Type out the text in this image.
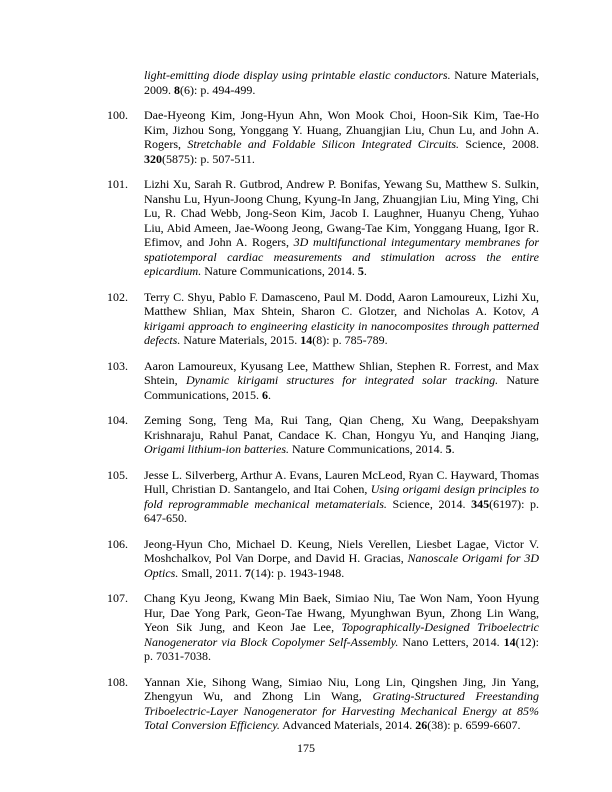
light-emitting diode display using printable elastic conductors. Nature Materials, 2009. 8(6): p. 494-499.

100. Dae-Hyeong Kim, Jong-Hyun Ahn, Won Mook Choi, Hoon-Sik Kim, Tae-Ho Kim, Jizhou Song, Yonggang Y. Huang, Zhuangjian Liu, Chun Lu, and John A. Rogers, Stretchable and Foldable Silicon Integrated Circuits. Science, 2008. 320(5875): p. 507-511.
101. Lizhi Xu, Sarah R. Gutbrod, Andrew P. Bonifas, Yewang Su, Matthew S. Sulkin, Nanshu Lu, Hyun-Joong Chung, Kyung-In Jang, Zhuangjian Liu, Ming Ying, Chi Lu, R. Chad Webb, Jong-Seon Kim, Jacob I. Laughner, Huanyu Cheng, Yuhao Liu, Abid Ameen, Jae-Woong Jeong, Gwang-Tae Kim, Yonggang Huang, Igor R. Efimov, and John A. Rogers, 3D multifunctional integumentary membranes for spatiotemporal cardiac measurements and stimulation across the entire epicardium. Nature Communications, 2014. 5.
102. Terry C. Shyu, Pablo F. Damasceno, Paul M. Dodd, Aaron Lamoureux, Lizhi Xu, Matthew Shlian, Max Shtein, Sharon C. Glotzer, and Nicholas A. Kotov, A kirigami approach to engineering elasticity in nanocomposites through patterned defects. Nature Materials, 2015. 14(8): p. 785-789.
103. Aaron Lamoureux, Kyusang Lee, Matthew Shlian, Stephen R. Forrest, and Max Shtein, Dynamic kirigami structures for integrated solar tracking. Nature Communications, 2015. 6.
104. Zeming Song, Teng Ma, Rui Tang, Qian Cheng, Xu Wang, Deepakshyam Krishnaraju, Rahul Panat, Candace K. Chan, Hongyu Yu, and Hanqing Jiang, Origami lithium-ion batteries. Nature Communications, 2014. 5.
105. Jesse L. Silverberg, Arthur A. Evans, Lauren McLeod, Ryan C. Hayward, Thomas Hull, Christian D. Santangelo, and Itai Cohen, Using origami design principles to fold reprogrammable mechanical metamaterials. Science, 2014. 345(6197): p. 647-650.
106. Jeong-Hyun Cho, Michael D. Keung, Niels Verellen, Liesbet Lagae, Victor V. Moshchalkov, Pol Van Dorpe, and David H. Gracias, Nanoscale Origami for 3D Optics. Small, 2011. 7(14): p. 1943-1948.
107. Chang Kyu Jeong, Kwang Min Baek, Simiao Niu, Tae Won Nam, Yoon Hyung Hur, Dae Yong Park, Geon-Tae Hwang, Myunghwan Byun, Zhong Lin Wang, Yeon Sik Jung, and Keon Jae Lee, Topographically-Designed Triboelectric Nanogenerator via Block Copolymer Self-Assembly. Nano Letters, 2014. 14(12): p. 7031-7038.
108. Yannan Xie, Sihong Wang, Simiao Niu, Long Lin, Qingshen Jing, Jin Yang, Zhengyun Wu, and Zhong Lin Wang, Grating-Structured Freestanding Triboelectric-Layer Nanogenerator for Harvesting Mechanical Energy at 85% Total Conversion Efficiency. Advanced Materials, 2014. 26(38): p. 6599-6607.
175
